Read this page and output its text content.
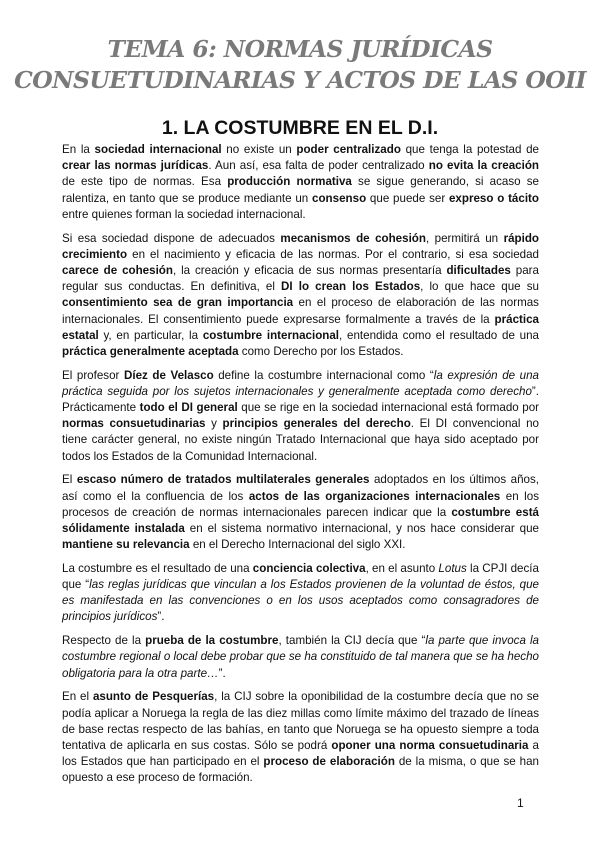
TEMA 6: NORMAS JURÍDICAS
CONSUETUDINARIAS Y ACTOS DE LAS OOII
1. LA COSTUMBRE EN EL D.I.

En la sociedad internacional no existe un poder centralizado que tenga la potestad de crear las normas jurídicas. Aun así, esa falta de poder centralizado no evita la creación de este tipo de normas. Esa producción normativa se sigue generando, si acaso se ralentiza, en tanto que se produce mediante un consenso que puede ser expreso o tácito entre quienes forman la sociedad internacional.

Si esa sociedad dispone de adecuados mecanismos de cohesión, permitirá un rápido crecimiento en el nacimiento y eficacia de las normas. Por el contrario, si esa sociedad carece de cohesión, la creación y eficacia de sus normas presentaría dificultades para regular sus conductas. En definitiva, el DI lo crean los Estados, lo que hace que su consentimiento sea de gran importancia en el proceso de elaboración de las normas internacionales. El consentimiento puede expresarse formalmente a través de la práctica estatal y, en particular, la costumbre internacional, entendida como el resultado de una práctica generalmente aceptada como Derecho por los Estados.

El profesor Díez de Velasco define la costumbre internacional como “la expresión de una práctica seguida por los sujetos internacionales y generalmente aceptada como derecho”. Prácticamente todo el DI general que se rige en la sociedad internacional está formado por normas consuetudinarias y principios generales del derecho. El DI convencional no tiene carácter general, no existe ningún Tratado Internacional que haya sido aceptado por todos los Estados de la Comunidad Internacional.

El escaso número de tratados multilaterales generales adoptados en los últimos años, así como el la confluencia de los actos de las organizaciones internacionales en los procesos de creación de normas internacionales parecen indicar que la costumbre está sólidamente instalada en el sistema normativo internacional, y nos hace considerar que mantiene su relevancia en el Derecho Internacional del siglo XXI.

La costumbre es el resultado de una conciencia colectiva, en el asunto Lotus la CPJI decía que “las reglas jurídicas que vinculan a los Estados provienen de la voluntad de éstos, que es manifestada en las convenciones o en los usos aceptados como consagradores de principios jurídicos”.

Respecto de la prueba de la costumbre, también la CIJ decía que “la parte que invoca la costumbre regional o local debe probar que se ha constituido de tal manera que se ha hecho obligatoria para la otra parte…”.

En el asunto de Pesquerías, la CIJ sobre la oponibilidad de la costumbre decía que no se podía aplicar a Noruega la regla de las diez millas como límite máximo del trazado de líneas de base rectas respecto de las bahías, en tanto que Noruega se ha opuesto siempre a toda tentativa de aplicarla en sus costas. Sólo se podrá oponer una norma consuetudinaria a los Estados que han participado en el proceso de elaboración de la misma, o que se han opuesto a ese proceso de formación.

1
